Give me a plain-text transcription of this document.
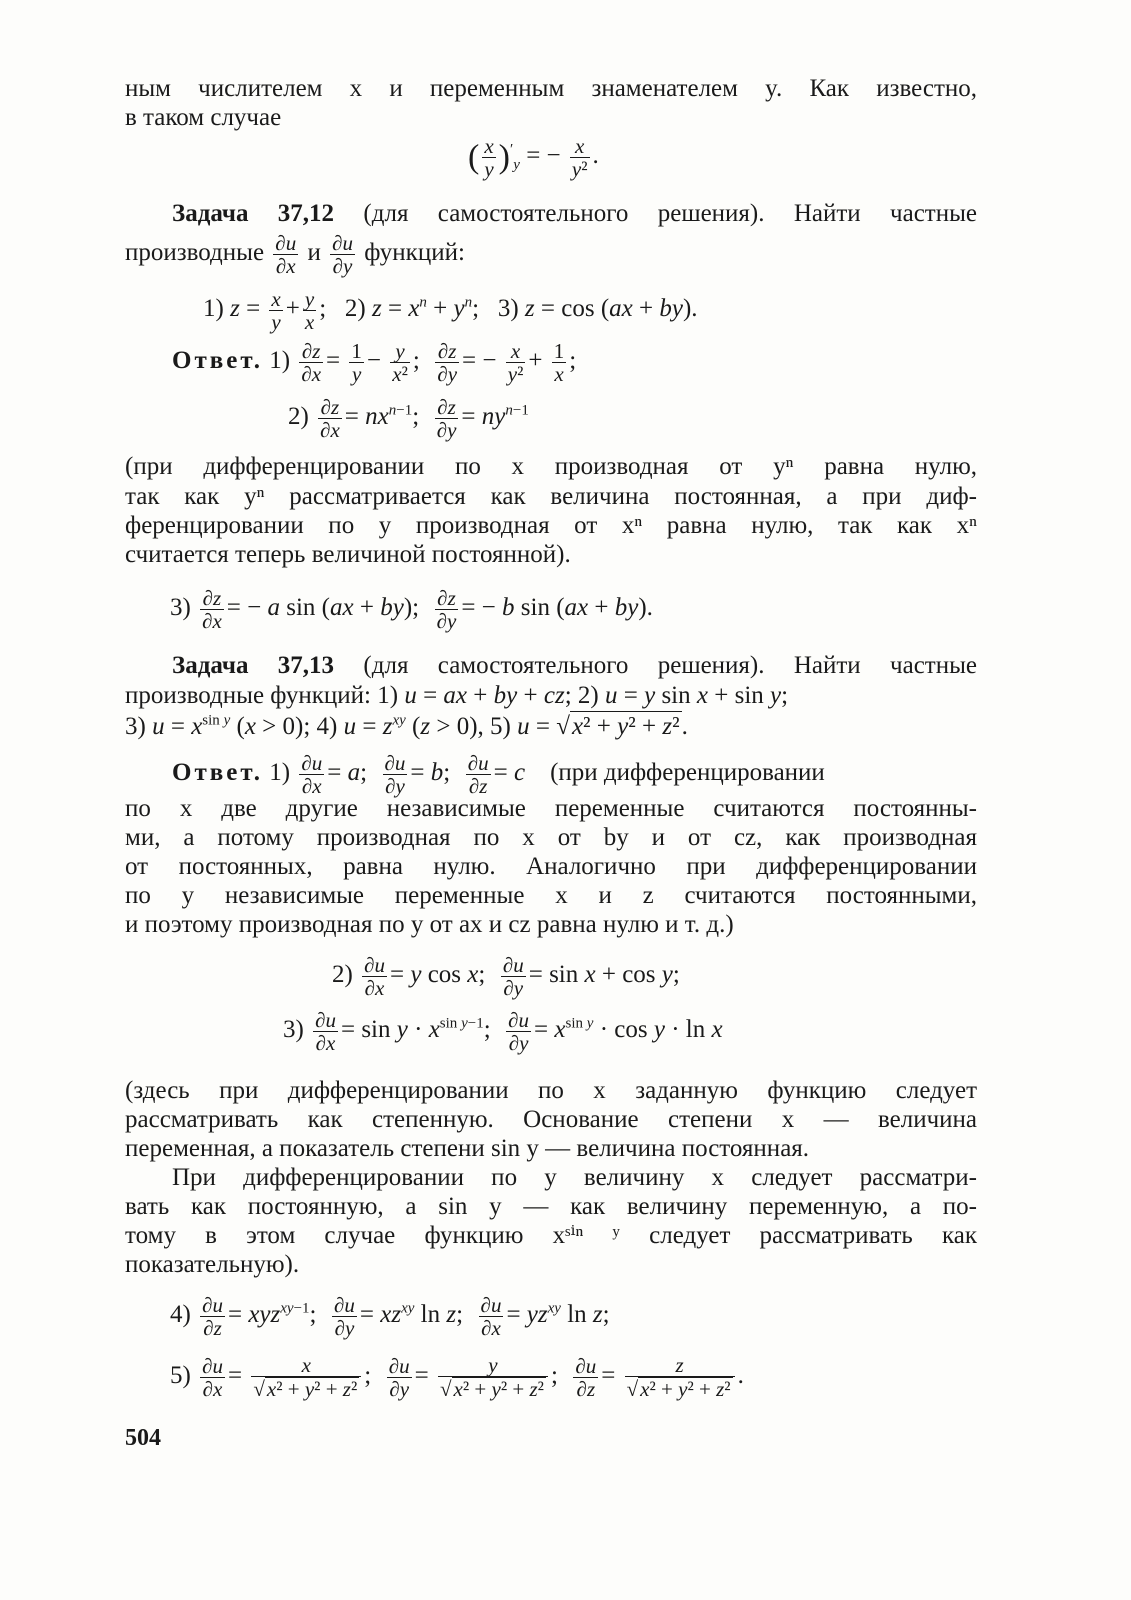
ным числителем x и переменным знаменателем y. Как известно,
в таком случае
( $\frac{x}{y} )'_y$ = − $\frac{x}{\text{y²}}$ .
Задача 37,12 (для самостоятельного решения). Найти частные
производные $\frac{\partial u}{\partial x}$ и $\frac{\partial u}{\partial y}$ функций:
1) $z = \frac{x}{y} + \frac{y}{x}$ ;   2) $z = x^n + y^n$;   3) z = cos (ax + by).
Ответ. $1) \frac{\partial z}{\partial x} = \frac{1}{y} - \frac{y}{\text{x²}}$ ; $\frac{\partial z}{\partial y}$ = − $\frac{x}{\text{y²}} + \frac{1}{x}$ ;
$2) \frac{\partial z}{\partial x} = nx^{n-1}$; $\frac{\partial z}{\partial y} = ny^{n-1}$
(при дифференцировании по x производная от yⁿ равна нулю,
так как yⁿ рассматривается как величина постоянная, а при диф-
ференцировании по y производная от xⁿ равна нулю, так как xⁿ
считается теперь величиной постоянной).
$3) \frac{\partial z}{\partial x}$ = − a sin (ax + by); $\frac{\partial z}{\partial y}$ = − b sin (ax + by).
Задача 37,13 (для самостоятельного решения). Найти частные
производные функций: 1) u = ax + by + cz; 2) u = y sin x + sin y;
3) $u = x^{sin y}$ (x > 0); 4) $u = z^{xy}$ (z > 0), 5) u = √x² + y² + z².
Ответ. $1) \frac{\partial u}{\partial x} = a$; $\frac{\partial u}{\partial y} = b$; $\frac{\partial u}{\partial z} = c$ (при дифференцировании
по x две другие независимые переменные считаются постоянны-
ми, а потому производная по x от by и от cz, как производная
от постоянных, равна нулю. Аналогично при дифференцировании
по y независимые переменные x и z считаются постоянными,
и поэтому производная по y от ax и cz равна нулю и т. д.)
$2) \frac{\partial u}{\partial x} = y$ cos x; $\frac{\partial u}{\partial y} = \sin x + \cos y$;
$3) \frac{\partial u}{\partial x} = \sin y \cdot x^{sin y-1}$; $\frac{\partial u}{\partial y} = x^{sin y} \cdot \cos y \cdot \ln x$
(здесь при дифференцировании по x заданную функцию следует
рассматривать как степенную. Основание степени x — величина
переменная, а показатель степени sin y — величина постоянная.
При дифференцировании по y величину x следует рассматри-
вать как постоянную, а sin y — как величину переменную, а по-
тому в этом случае функцию xˢⁱⁿ ʸ следует рассматривать как
показательную).
$4) \frac{\partial u}{\partial z} = xyz^{xy-1}$; $\frac{\partial u}{\partial y} = xz^{xy}$ ln z; $\frac{\partial u}{\partial x} = yz^{xy}$ ln z;
$5) \frac{\partial u}{\partial x} = \frac{x}{\text{√x² + y² + z²}}$ ; $\frac{\partial u}{\partial y} = \frac{y}{\text{√x² + y² + z²}}$ ; $\frac{\partial u}{\partial z} = \frac{z}{\text{√x² + y² + z²}}$ .
504
